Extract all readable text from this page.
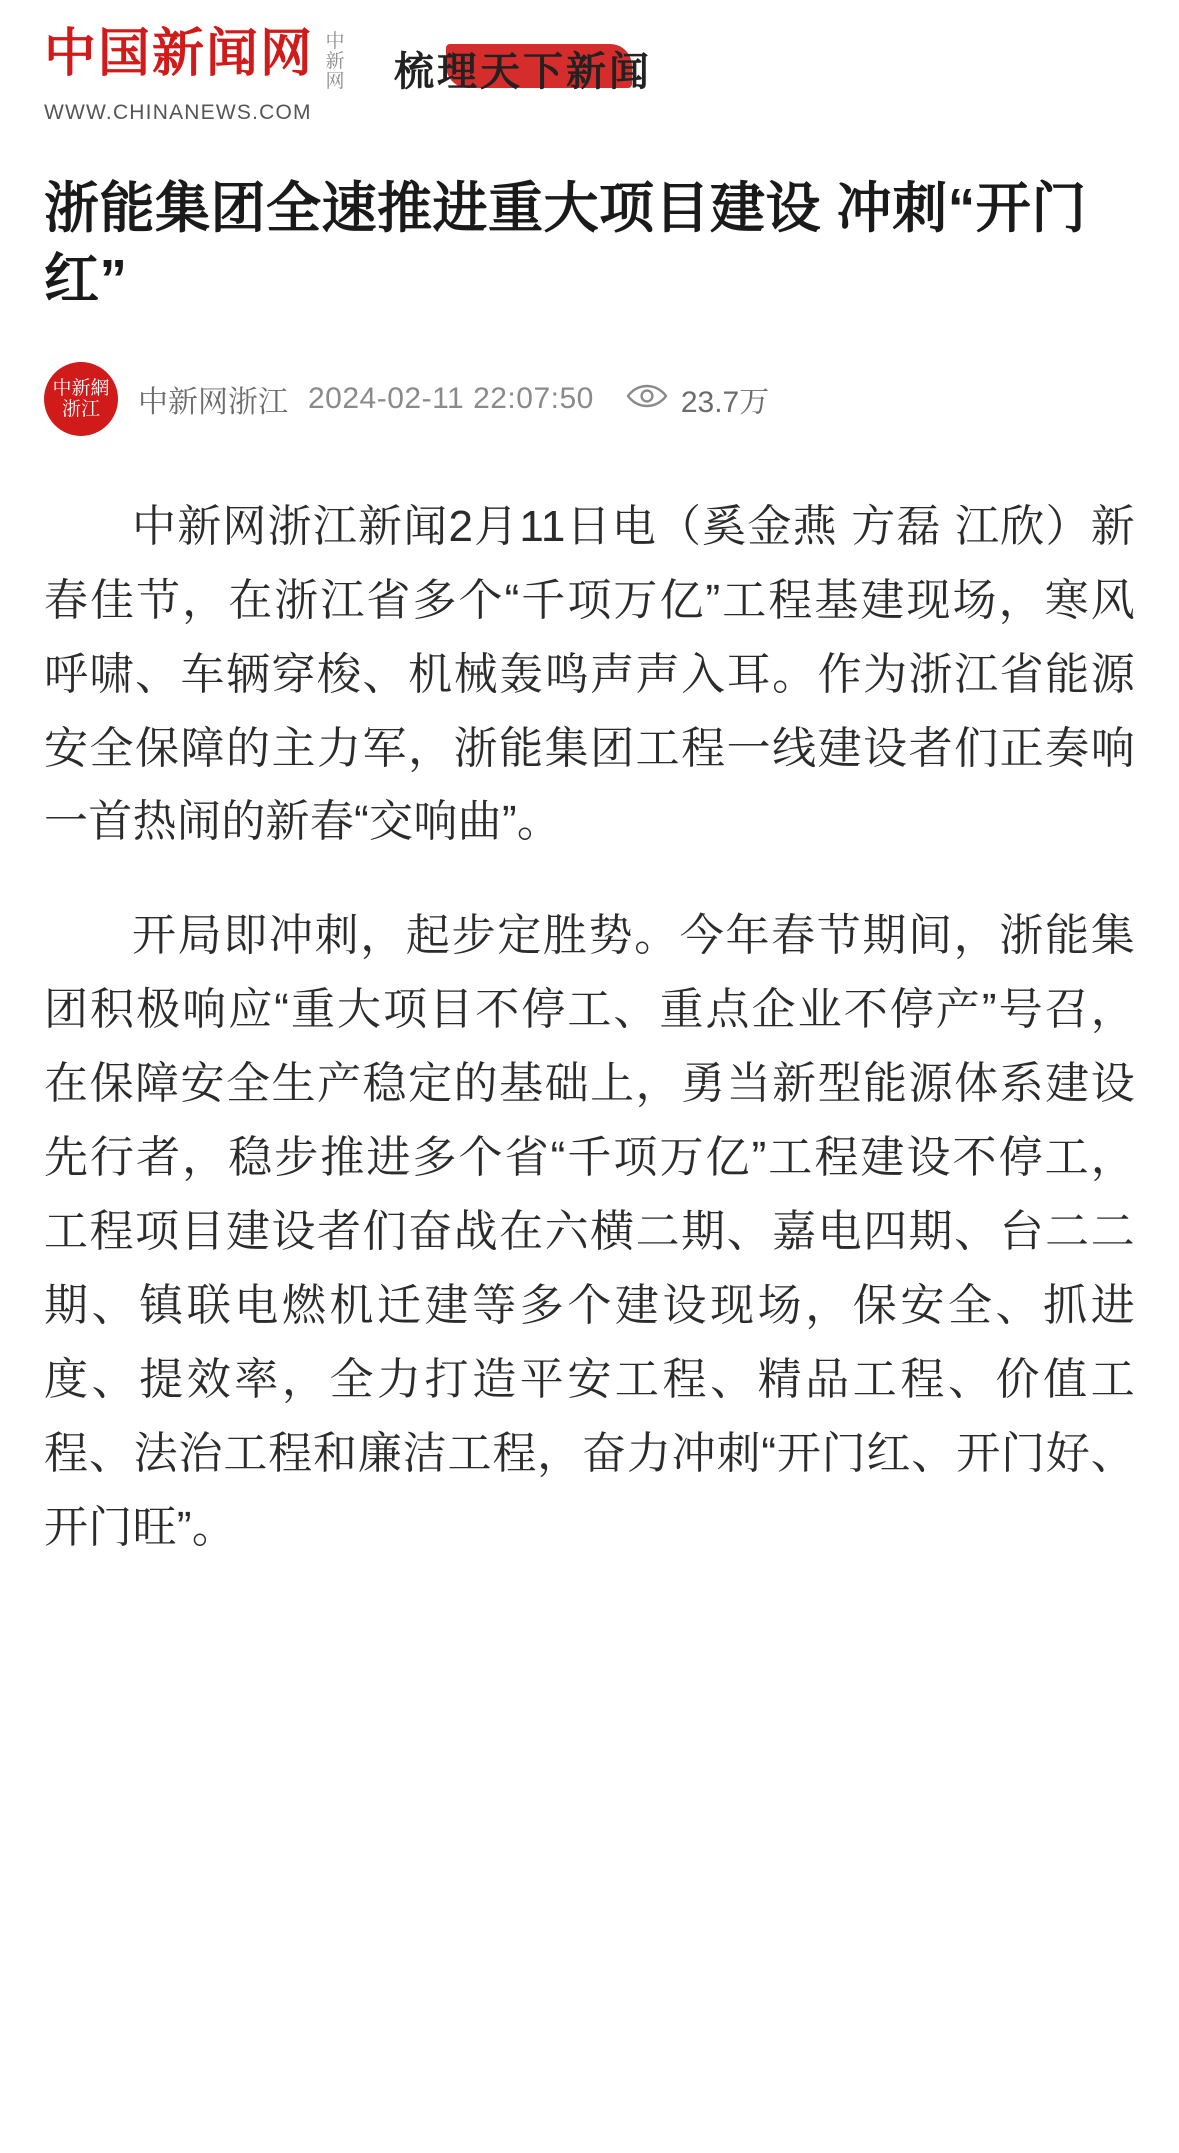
中国新闻网 中新网
WWW.CHINANEWS.COM
梳理天下新闻
浙能集团全速推进重大项目建设 冲刺“开门红”
中新網
浙江 中新网浙江 2024-02-11 22:07:50	23.7万

中新网浙江新闻2月11日电（奚金燕 方磊 江欣）新春佳节，在浙江省多个“千项万亿”工程基建现场，寒风呼啸、车辆穿梭、机械轰鸣声声入耳。作为浙江省能源安全保障的主力军，浙能集团工程一线建设者们正奏响一首热闹的新春“交响曲”。

开局即冲刺，起步定胜势。今年春节期间，浙能集团积极响应“重大项目不停工、重点企业不停产”号召，在保障安全生产稳定的基础上，勇当新型能源体系建设先行者，稳步推进多个省“千项万亿”工程建设不停工，工程项目建设者们奋战在六横二期、嘉电四期、台二二期、镇联电燃机迁建等多个建设现场，保安全、抓进度、提效率，全力打造平安工程、精品工程、价值工程、法治工程和廉洁工程，奋力冲刺“开门红、开门好、开门旺”。
